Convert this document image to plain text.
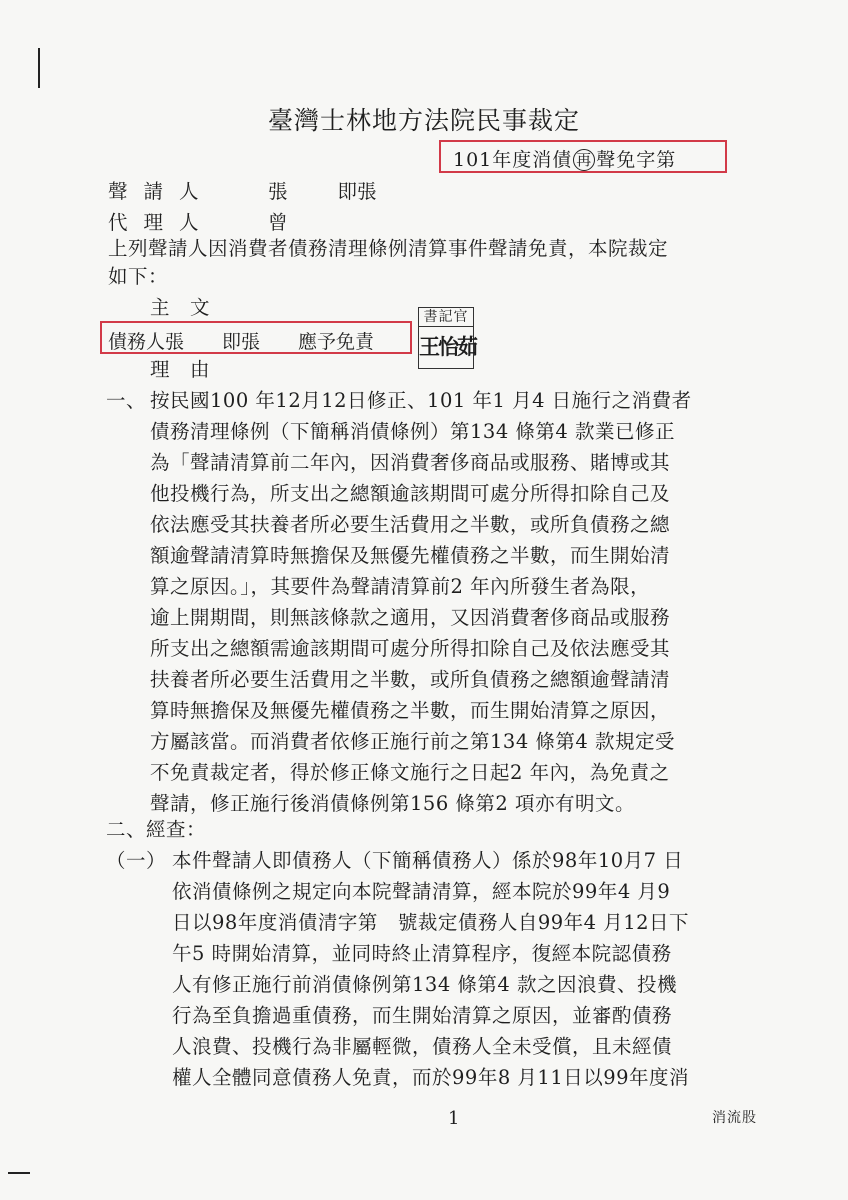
臺灣士林地方法院民事裁定
101年度消債 再 聲免字第
聲請人	張	即張
代理人	曾
上列聲請人因消費者債務清理條例清算事件聲請免責，本院裁定
如下：
主　文
債務人張　　即張　　應予免責
書記官
王怡茹
理　由
一、 按民國100 年12月12日修正、101 年1 月4 日施行之消費者
債務清理條例（下簡稱消債條例）第134 條第4 款業已修正
為「聲請清算前二年內，因消費奢侈商品或服務、賭博或其
他投機行為，所支出之總額逾該期間可處分所得扣除自己及
依法應受其扶養者所必要生活費用之半數，或所負債務之總
額逾聲請清算時無擔保及無優先權債務之半數，而生開始清
算之原因。」，其要件為聲請清算前2 年內所發生者為限，
逾上開期間，則無該條款之適用，又因消費奢侈商品或服務
所支出之總額需逾該期間可處分所得扣除自己及依法應受其
扶養者所必要生活費用之半數，或所負債務之總額逾聲請清
算時無擔保及無優先權債務之半數，而生開始清算之原因，
方屬該當。而消費者依修正施行前之第134 條第4 款規定受
不免責裁定者，得於修正條文施行之日起2 年內，為免責之
聲請，修正施行後消債條例第156 條第2 項亦有明文。
二、經查：
（一） 本件聲請人即債務人（下簡稱債務人）係於98年10月7 日
依消債條例之規定向本院聲請清算，經本院於99年4 月9
日以98年度消債清字第　號裁定債務人自99年4 月12日下
午5 時開始清算，並同時終止清算程序，復經本院認債務
人有修正施行前消債條例第134 條第4 款之因浪費、投機
行為至負擔過重債務，而生開始清算之原因，並審酌債務
人浪費、投機行為非屬輕微，債務人全未受償，且未經債
權人全體同意債務人免責，而於99年8 月11日以99年度消
1	消流股
